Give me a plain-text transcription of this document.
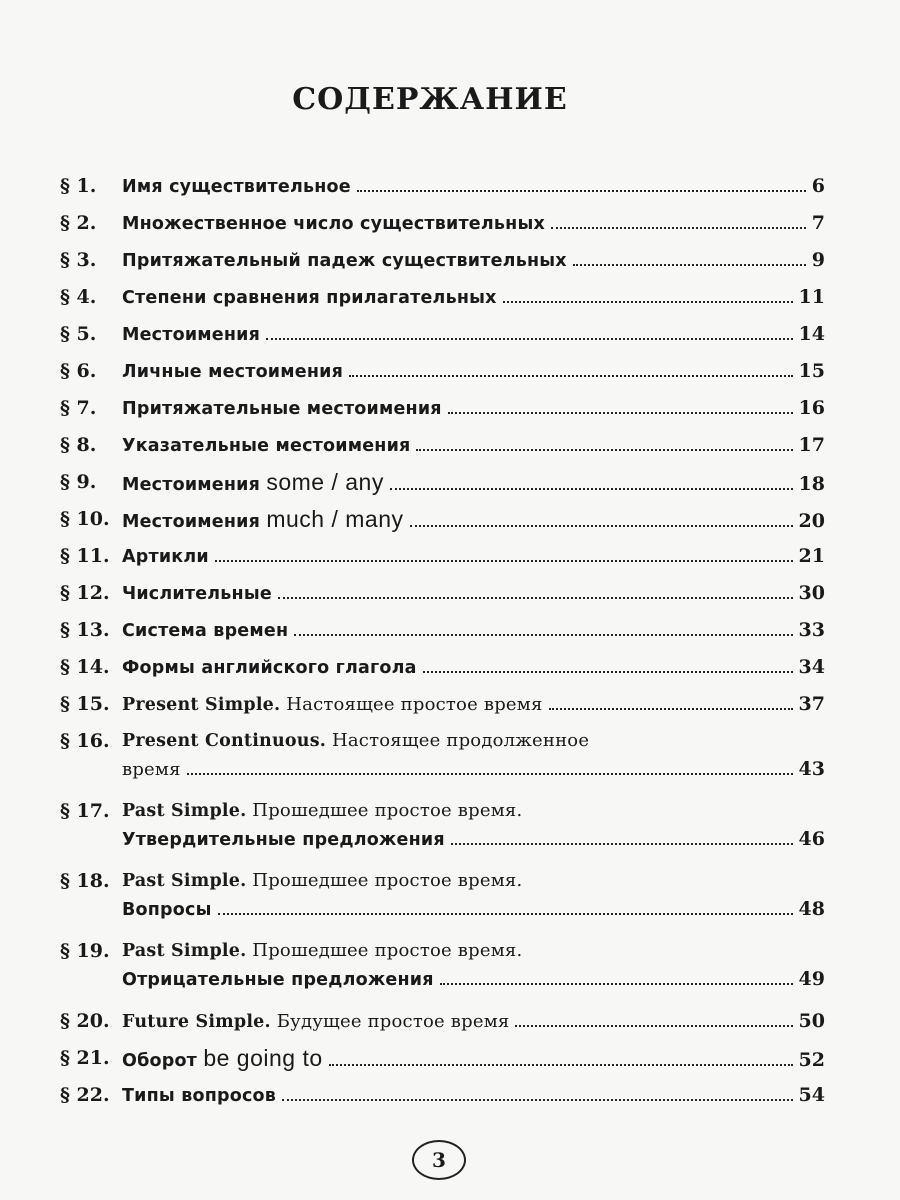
СОДЕРЖАНИЕ
§ 1.	Имя существительное	6
§ 2.	Множественное число существительных	7
§ 3.	Притяжательный падеж существительных	9
§ 4.	Степени сравнения прилагательных	11
§ 5.	Местоимения	14
§ 6.	Личные местоимения	15
§ 7.	Притяжательные местоимения	16
§ 8.	Указательные местоимения	17
§ 9.	Местоимения some / any	18
§ 10. Местоимения much / many	20
§ 11. Артикли	21
§ 12. Числительные	30
§ 13. Система времен	33
§ 14. Формы английского глагола	34
§ 15. Present Simple. Настоящее простое время	37
§ 16. Present Continuous. Настоящее продолженное
время	43
§ 17. Past Simple. Прошедшее простое время.
Утвердительные предложения	46
§ 18. Past Simple. Прошедшее простое время.
Вопросы	48
§ 19. Past Simple. Прошедшее простое время.
Отрицательные предложения	49
§ 20. Future Simple. Будущее простое время	50
§ 21. Оборот be going to	52
§ 22. Типы вопросов	54
3
